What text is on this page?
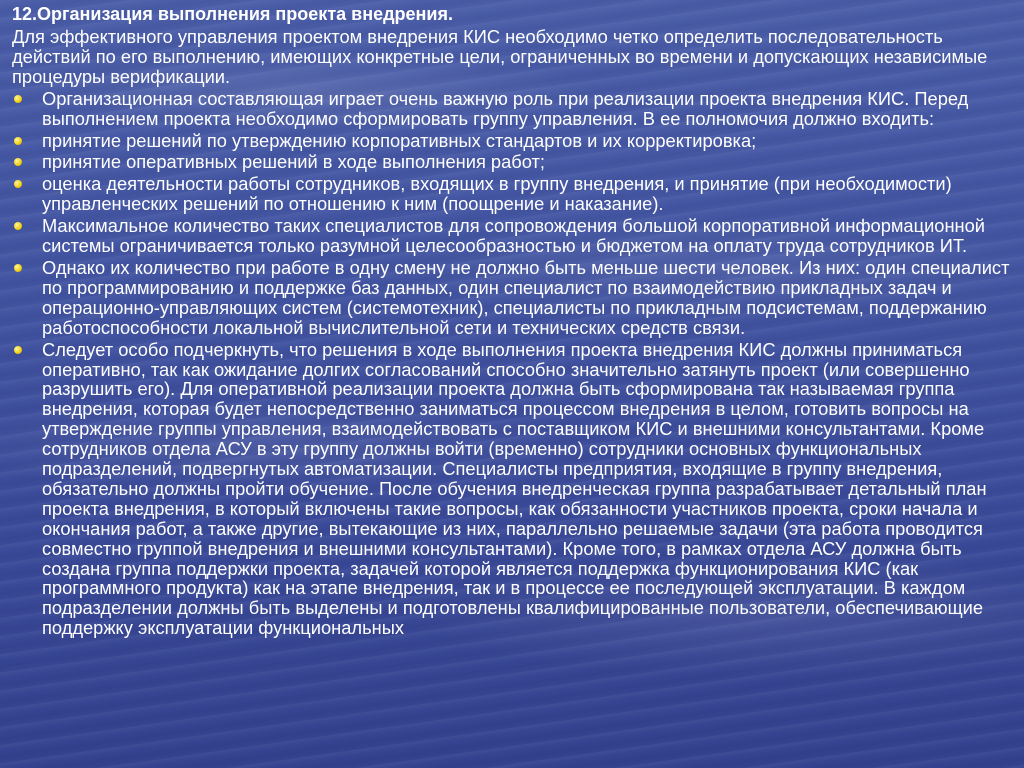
12.Организация выполнения проекта внедрения.

Для эффективного управления проектом внедрения КИС необходимо четко определить последовательность действий по его выполнению, имеющих конкретные цели, ограниченных во времени и допускающих независимые процедуры верификации.

Организационная составляющая играет очень важную роль при реализации проекта внедрения КИС. Перед выполнением проекта необходимо сформировать группу управления. В ее полномочия должно входить:
принятие решений по утверждению корпоративных стандартов и их корректировка;
принятие оперативных решений в ходе выполнения работ;
оценка деятельности работы сотрудников, входящих в группу внедрения, и принятие (при необходимости) управленческих решений по отношению к ним (поощрение и наказание).
Максимальное количество таких специалистов для сопровождения большой корпоративной информационной системы ограничивается только разумной целесообразностью и бюджетом на оплату труда сотрудников ИТ.
Однако их количество при работе в одну смену не должно быть меньше шести человек. Из них: один специалист по программированию и поддержке баз данных, один специалист по взаимодействию прикладных задач и операционно-управляющих систем (системотехник), специалисты по прикладным подсистемам, поддержанию работоспособности локальной вычислительной сети и технических средств связи.
Следует особо подчеркнуть, что решения в ходе выполнения проекта внедрения КИС должны приниматься оперативно, так как ожидание долгих согласований способно значительно затянуть проект (или совершенно разрушить его). Для оперативной реализации проекта должна быть сформирована так называемая группа внедрения, которая будет непосредственно заниматься процессом внедрения в целом, готовить вопросы на утверждение группы управления, взаимодействовать с поставщиком КИС и внешними консультантами. Кроме сотрудников отдела АСУ в эту группу должны войти (временно) сотрудники основных функциональных подразделений, подвергнутых автоматизации. Специалисты предприятия, входящие в группу внедрения, обязательно должны пройти обучение. После обучения внедренческая группа разрабатывает детальный план проекта внедрения, в который включены такие вопросы, как обязанности участников проекта, сроки начала и окончания работ, а также другие, вытекающие из них, параллельно решаемые задачи (эта работа проводится совместно группой внедрения и внешними консультантами). Кроме того, в рамках отдела АСУ должна быть создана группа поддержки проекта, задачей которой является поддержка функционирования КИС (как программного продукта) как на этапе внедрения, так и в процессе ее последующей эксплуатации. В каждом подразделении должны быть выделены и подготовлены квалифицированные пользователи, обеспечивающие поддержку эксплуатации функциональных
